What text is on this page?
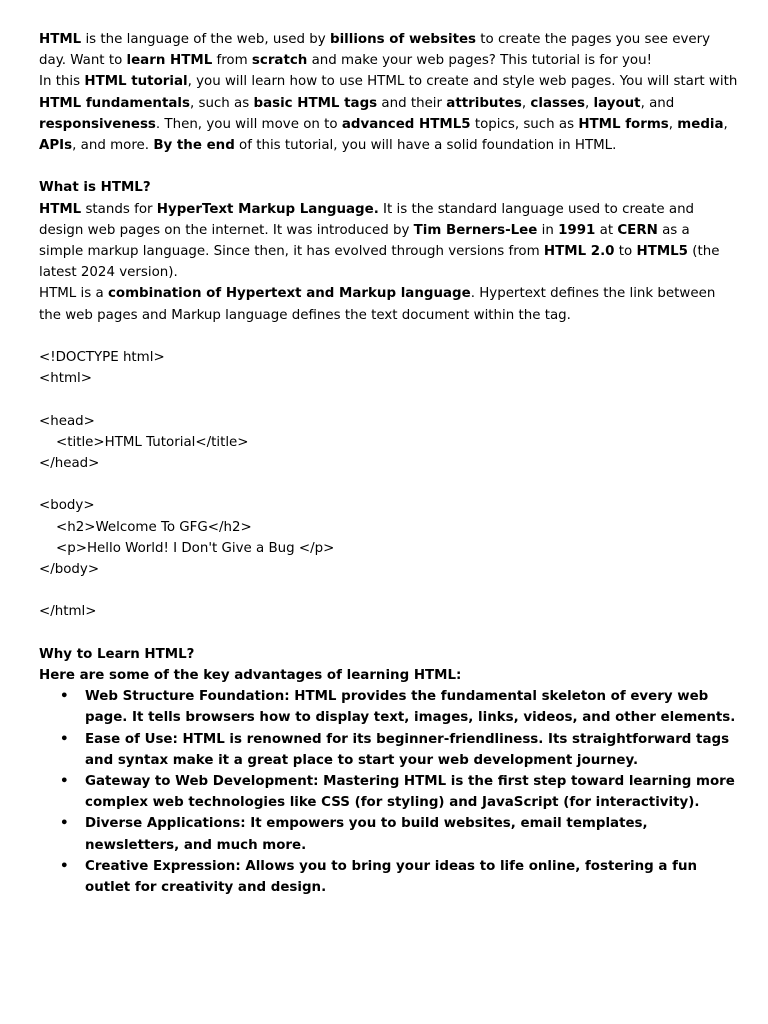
HTML is the language of the web, used by billions of websites to create the pages you see every day. Want to learn HTML from scratch and make your web pages? This tutorial is for you!

In this HTML tutorial, you will learn how to use HTML to create and style web pages. You will start with HTML fundamentals, such as basic HTML tags and their attributes, classes, layout, and responsiveness. Then, you will move on to advanced HTML5 topics, such as HTML forms, media, APIs, and more. By the end of this tutorial, you will have a solid foundation in HTML.

What is HTML?

HTML stands for HyperText Markup Language. It is the standard language used to create and design web pages on the internet. It was introduced by Tim Berners-Lee in 1991 at CERN as a simple markup language. Since then, it has evolved through versions from HTML 2.0 to HTML5 (the latest 2024 version).

HTML is a combination of Hypertext and Markup language. Hypertext defines the link between the web pages and Markup language defines the text document within the tag.

<!DOCTYPE html>

<html>

<head>

<title>HTML Tutorial</title>

</head>

<body>

<h2>Welcome To GFG</h2>

<p>Hello World! I Don't Give a Bug </p>

</body>

</html>

Why to Learn HTML?

Here are some of the key advantages of learning HTML:

• Web Structure Foundation: HTML provides the fundamental skeleton of every web page. It tells browsers how to display text, images, links, videos, and other elements.
• Ease of Use: HTML is renowned for its beginner-friendliness. Its straightforward tags and syntax make it a great place to start your web development journey.
• Gateway to Web Development: Mastering HTML is the first step toward learning more complex web technologies like CSS (for styling) and JavaScript (for interactivity).
• Diverse Applications: It empowers you to build websites, email templates, newsletters, and much more.
• Creative Expression: Allows you to bring your ideas to life online, fostering a fun outlet for creativity and design.
